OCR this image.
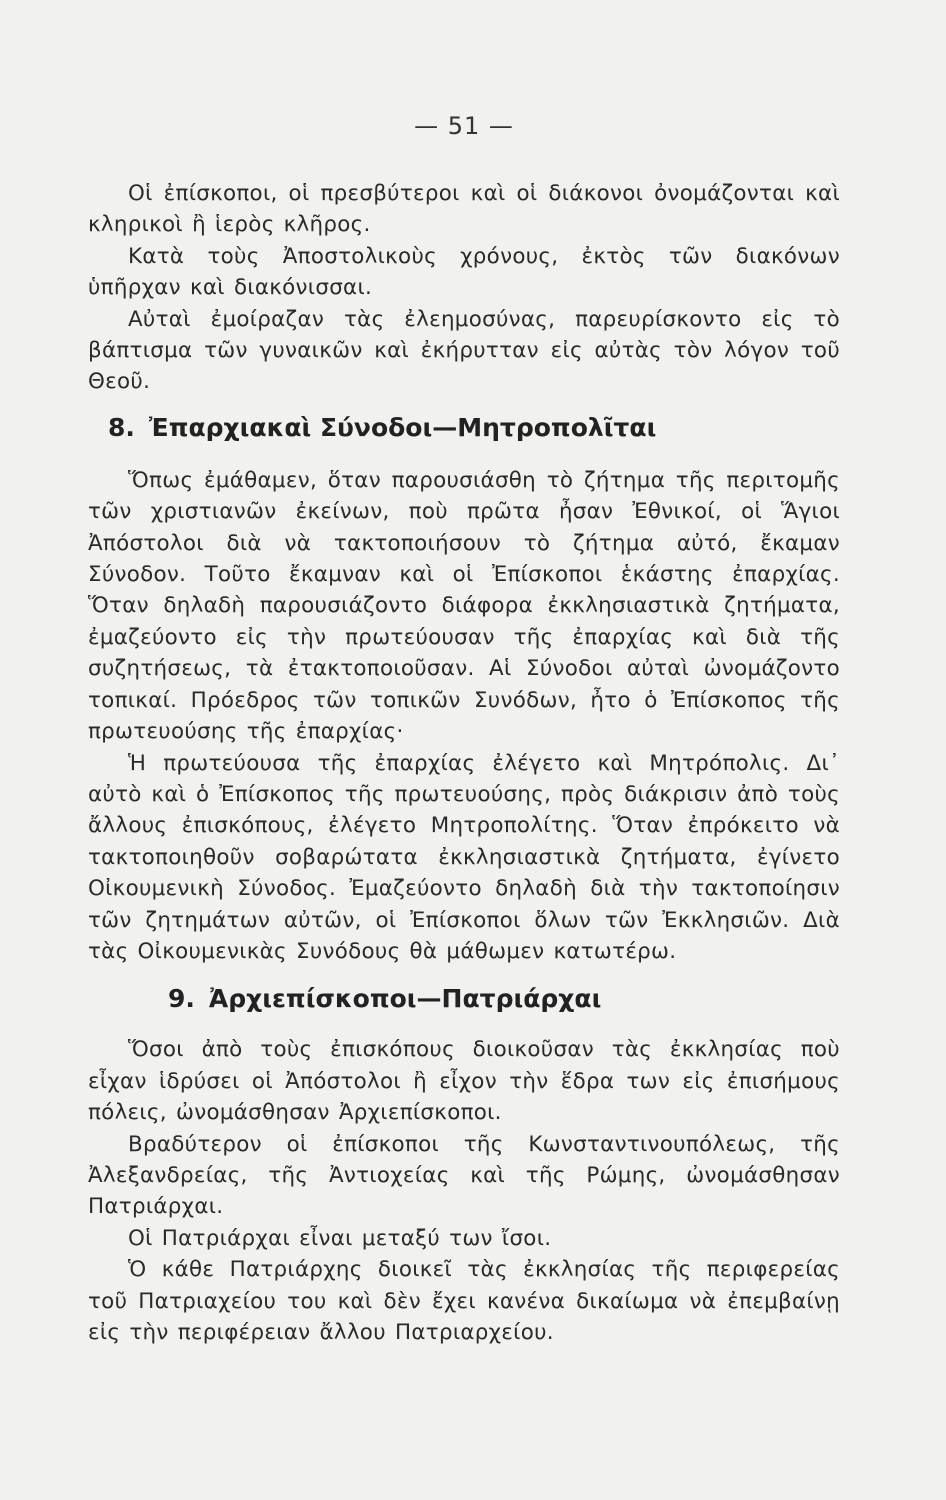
— 51 —

Οἱ ἐπίσκοποι, οἱ πρεσβύτεροι καὶ οἱ διάκονοι ὀνομάζονται καὶ κληρικοὶ ἢ ἱερὸς κλῆρος.

Κατὰ τοὺς Ἀποστολικοὺς χρόνους, ἐκτὸς τῶν διακόνων ὑπῆρχαν καὶ διακόνισσαι.

Αὐταὶ ἐμοίραζαν τὰς ἐλεημοσύνας, παρευρίσκοντο εἰς τὸ βάπτισμα τῶν γυναικῶν καὶ ἐκήρυτταν εἰς αὐτὰς τὸν λόγον τοῦ Θεοῦ.

8. Ἐπαρχιακαὶ Σύνοδοι—Μητροπολῖται

Ὅπως ἐμάθαμεν, ὅταν παρουσιάσθη τὸ ζήτημα τῆς περιτομῆς τῶν χριστιανῶν ἐκείνων, ποὺ πρῶτα ἦσαν Ἐθνικοί, οἱ Ἅγιοι Ἀπόστολοι διὰ νὰ τακτοποιήσουν τὸ ζήτημα αὐτό, ἔκαμαν Σύνοδον. Τοῦτο ἔκαμναν καὶ οἱ Ἐπίσκοποι ἑκάστης ἐπαρχίας. Ὅταν δηλαδὴ παρουσιάζοντο διάφορα ἐκκλησιαστικὰ ζητήματα, ἐμαζεύοντο εἰς τὴν πρωτεύουσαν τῆς ἐπαρχίας καὶ διὰ τῆς συζητήσεως, τὰ ἐτακτοποιοῦσαν. Αἱ Σύνοδοι αὐταὶ ὠνομάζοντο τοπικαί. Πρόεδρος τῶν τοπικῶν Συνόδων, ἦτο ὁ Ἐπίσκοπος τῆς πρωτευούσης τῆς ἐπαρχίας·

Ἡ πρωτεύουσα τῆς ἐπαρχίας ἐλέγετο καὶ Μητρόπολις. Δι᾿ αὐτὸ καὶ ὁ Ἐπίσκοπος τῆς πρωτευούσης, πρὸς διάκρισιν ἀπὸ τοὺς ἄλλους ἐπισκόπους, ἐλέγετο Μητροπολίτης. Ὅταν ἐπρόκειτο νὰ τακτοποιηθοῦν σοβαρώτατα ἐκκλησιαστικὰ ζητήματα, ἐγίνετο Οἰκουμενικὴ Σύνοδος. Ἐμαζεύοντο δηλαδὴ διὰ τὴν τακτοποίησιν τῶν ζητημάτων αὐτῶν, οἱ Ἐπίσκοποι ὅλων τῶν Ἐκκλησιῶν. Διὰ τὰς Οἰκουμενικὰς Συνόδους θὰ μάθωμεν κατωτέρω.

9. Ἀρχιεπίσκοποι—Πατριάρχαι

Ὅσοι ἀπὸ τοὺς ἐπισκόπους διοικοῦσαν τὰς ἐκκλησίας ποὺ εἶχαν ἱδρύσει οἱ Ἀπόστολοι ἢ εἶχον τὴν ἕδρα των εἰς ἐπισήμους πόλεις, ὠνομάσθησαν Ἀρχιεπίσκοποι.

Βραδύτερον οἱ ἐπίσκοποι τῆς Κωνσταντινουπόλεως, τῆς Ἀλεξανδρείας, τῆς Ἀντιοχείας καὶ τῆς Ρώμης, ὠνομάσθησαν Πατριάρχαι.

Οἱ Πατριάρχαι εἶναι μεταξύ των ἴσοι.

Ὁ κάθε Πατριάρχης διοικεῖ τὰς ἐκκλησίας τῆς περιφερείας τοῦ Πατριαχείου του καὶ δὲν ἔχει κανένα δικαίωμα νὰ ἐπεμβαίνῃ εἰς τὴν περιφέρειαν ἄλλου Πατριαρχείου.
